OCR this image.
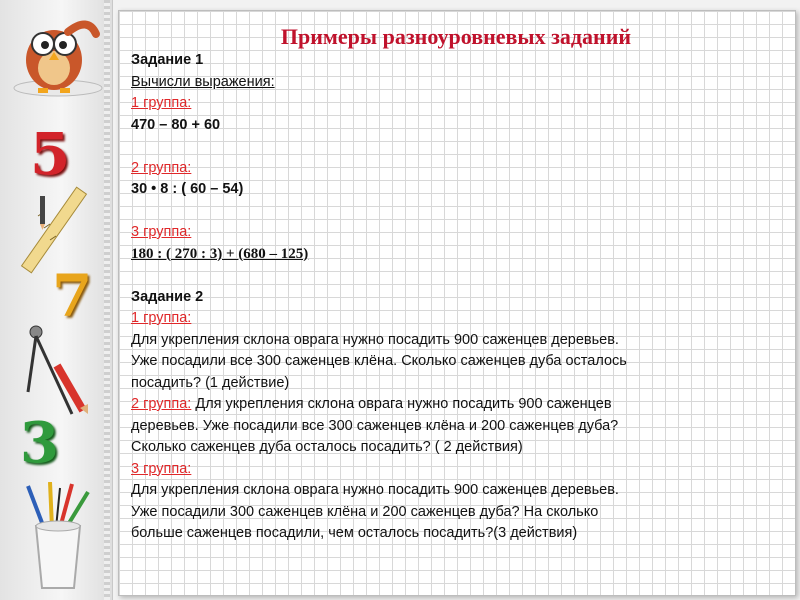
5
7
3
Примеры разноуровневых заданий
Задание 1
Вычисли выражения:
1 группа:
470 – 80 + 60
2 группа:
30 • 8 : ( 60 – 54)
3 группа:
180 : ( 270 : 3) + (680 – 125)
Задание 2
1 группа:
Для укрепления склона оврага нужно посадить 900 саженцев деревьев.
Уже посадили все 300 саженцев клёна. Сколько саженцев дуба осталось
посадить? (1 действие)
2 группа: Для укрепления склона оврага нужно посадить 900 саженцев
деревьев. Уже посадили все 300 саженцев клёна и 200 саженцев дуба?
Сколько саженцев дуба осталось посадить? ( 2 действия)
3 группа:
Для укрепления склона оврага нужно посадить 900 саженцев деревьев.
Уже посадили 300 саженцев клёна и 200 саженцев дуба? На сколько
больше саженцев посадили, чем осталось посадить?(3 действия)
